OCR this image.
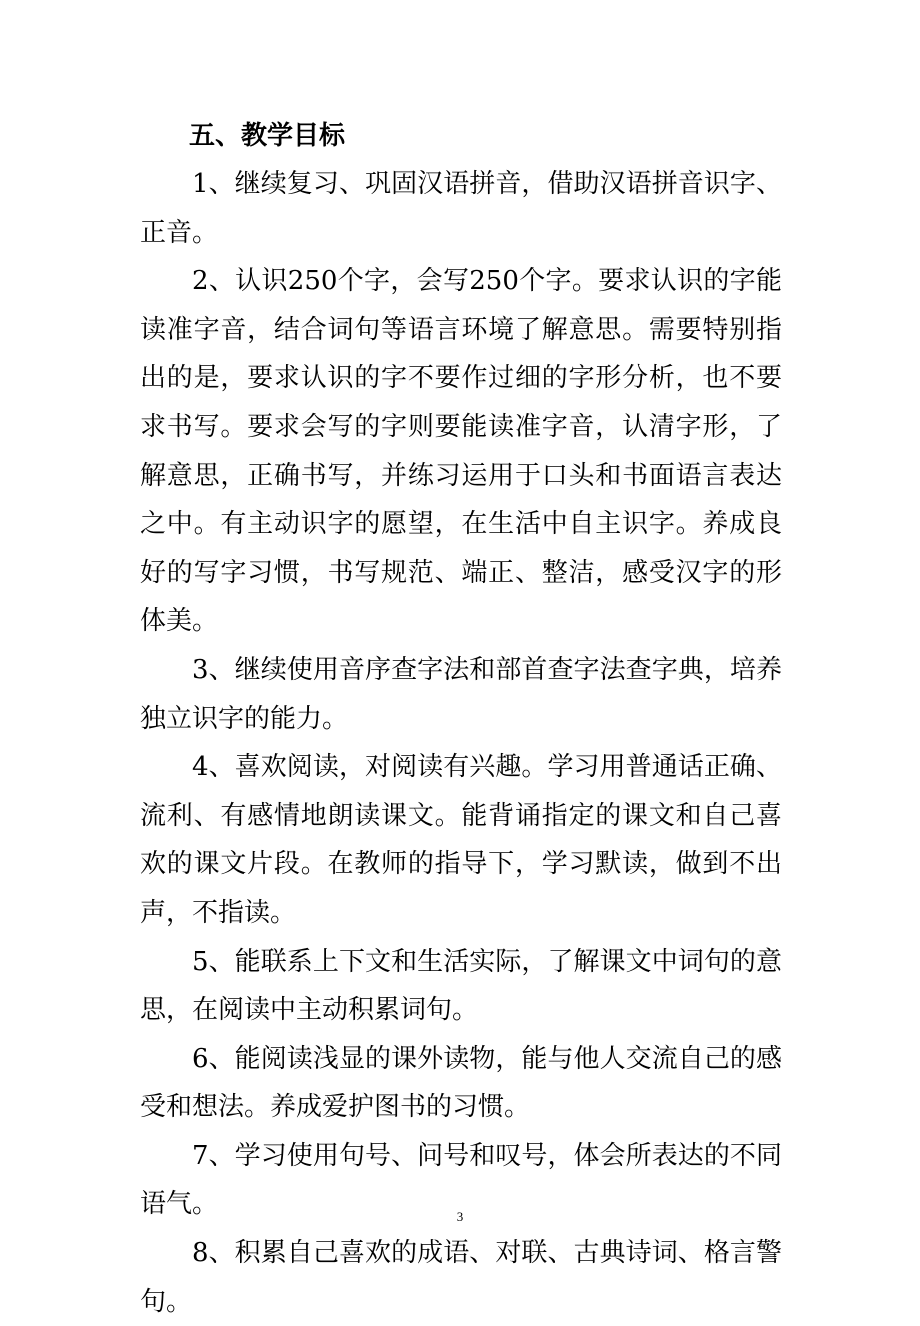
五、教学目标

1、继续复习、巩固汉语拼音，借助汉语拼音识字、正音。

2、认识250个字，会写250个字。要求认识的字能读准字音，结合词句等语言环境了解意思。需要特别指出的是，要求认识的字不要作过细的字形分析，也不要求书写。要求会写的字则要能读准字音，认清字形，了解意思，正确书写，并练习运用于口头和书面语言表达之中。有主动识字的愿望，在生活中自主识字。养成良好的写字习惯，书写规范、端正、整洁，感受汉字的形体美。

3、继续使用音序查字法和部首查字法查字典，培养独立识字的能力。

4、喜欢阅读，对阅读有兴趣。学习用普通话正确、流利、有感情地朗读课文。能背诵指定的课文和自己喜欢的课文片段。在教师的指导下，学习默读，做到不出声，不指读。

5、能联系上下文和生活实际，了解课文中词句的意思，在阅读中主动积累词句。

6、能阅读浅显的课外读物，能与他人交流自己的感受和想法。养成爱护图书的习惯。

7、学习使用句号、问号和叹号，体会所表达的不同语气。

8、积累自己喜欢的成语、对联、古典诗词、格言警句。

3
